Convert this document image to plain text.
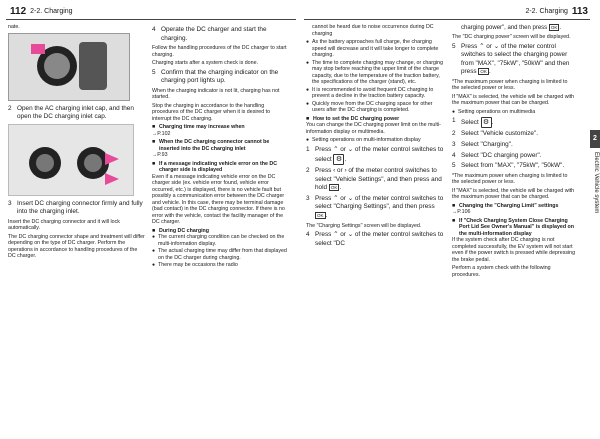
112 2-2. Charging	2-2. Charging 113

nate.

2 Open the AC charging inlet cap, and then open the DC charging inlet cap.
3 Insert DC charging connector firmly and fully into the charging inlet.

Insert the DC charging connector and it will lock automatically.

The DC charging connector shape and treatment will differ depending on the type of DC charger. Perform the operations in accordance to handling procedures of the DC charger.

4 Operate the DC charger and start the charging.

Follow the handling procedures of the DC charger to start charging.

Charging starts after a system check is done.

5 Confirm that the charging indicator on the charging port lights up.

When the charging indicator is not lit, charging has not started.

Stop the charging in accordance to the handling procedures of the DC charger when it is desired to interrupt the DC charging.

■ Charging time may increase when

→P.102

■ When the DC charging connector cannot be inserted into the DC charging inlet

→P.93

■ If a message indicating vehicle error on the DC charger side is displayed

Even if a message indicating vehicle error on the DC charger side (ex. vehicle error found, vehicle error occurred, etc.) is displayed, there is no vehicle fault but possibly a communication error between the DC charger and vehicle. In this case, there may be terminal damage (bad contact) in the DC charging connector. If there is no error with the vehicle, contact the facility manager of the DC charger.

■ During DC charging
● The current charging condition can be checked on the multi-information display.
● The actual charging time may differ from that displayed on the DC charger during charging.
● There may be occasions the radio

cannot be heard due to noise occurrence during DC charging

● As the battery approaches full charge, the charging speed will decrease and it will take longer to complete charging.
● The time to complete charging may change, or charging may stop before reaching the upper limit of the charge capacity, due to the temperature of the traction battery, the specifications of the charger (stand), etc.
● It is recommended to avoid frequent DC charging to prevent a decline in the traction battery capacity.
● Quickly move from the DC charging space for other users after the DC charging is completed.
■ How to set the DC charging power

You can change the DC charging power limit on the multi-information display or multimedia.

● Setting operations on multi-information display
1 Press ⌃ or ⌄ of the meter control switches to select ⚙ .
2 Press ‹ or › of the meter control switches to select "Vehicle Settings", and then press and hold OK .
3 Press ⌃ or ⌄ of the meter control switches to select "Charging Settings", and then press OK .

The "Charging Settings" screen will be displayed.

4 Press ⌃ or ⌄ of the meter control switches to select "DC

charging power", and then press OK .

The "DC charging power" screen will be displayed.

5 Press ⌃ or ⌄ of the meter control switches to select the charging power from "MAX", "75kW", "50kW" and then press OK .

*The maximum power when charging is limited to the selected power or less.

If "MAX" is selected, the vehicle will be charged with the maximum power that can be charged.

● Setting operations on multimedia
1 Select ⚙ .
2 Select "Vehicle customize".
3 Select "Charging".
4 Select "DC charging power".
5 Select from "MAX", "75kW", "50kW".

*The maximum power when charging is limited to the selected power or less.

If "MAX" is selected, the vehicle will be charged with the maximum power that can be charged.

■ Changing the "Charging Limit" settings

→P.106

■ If "Check Charging System Close Charging Port Lid See Owner's Manual" is displayed on the multi-information display

If the system check after DC charging is not completed successfully, the EV system will not start even if the power switch is pressed while depressing the brake pedal.

Perform a system check with the following procedures.

2
Electric Vehicle system
